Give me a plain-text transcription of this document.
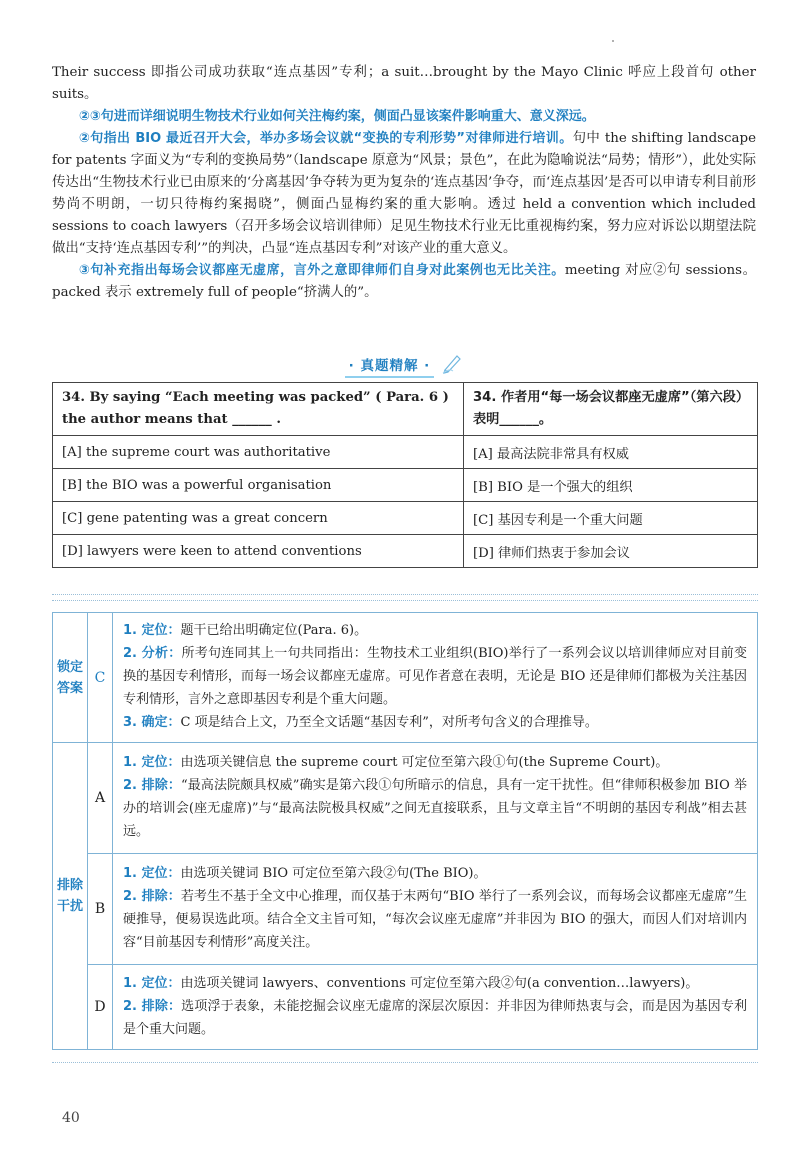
Their success 即指公司成功获取“连点基因”专利；a suit…brought by the Mayo Clinic 呼应上段首句 other suits。

②③句进而详细说明生物技术行业如何关注梅约案，侧面凸显该案件影响重大、意义深远。

②句指出 BIO 最近召开大会，举办多场会议就“变换的专利形势”对律师进行培训。句中 the shifting landscape for patents 字面义为“专利的变换局势”（landscape 原意为“风景；景色”，在此为隐喻说法“局势；情形”），此处实际传达出“生物技术行业已由原来的‘分离基因’争夺转为更为复杂的‘连点基因’争夺，而‘连点基因’是否可以申请专利目前形势尚不明朗，一切只待梅约案揭晓”，侧面凸显梅约案的重大影响。透过 held a convention which included sessions to coach lawyers（召开多场会议培训律师）足见生物技术行业无比重视梅约案，努力应对诉讼以期望法院做出“支持‘连点基因专利’”的判决，凸显“连点基因专利”对该产业的重大意义。

③句补充指出每场会议都座无虚席，言外之意即律师们自身对此案例也无比关注。meeting 对应②句 sessions。packed 表示 extremely full of people“挤满人的”。

· 真题精解 ·
34. By saying “Each meeting was packed” ( Para. 6 ) the author means that ______ .	34. 作者用“每一场会议都座无虚席”（第六段）表明______。
[A] the supreme court was authoritative	[A] 最高法院非常具有权威
[B] the BIO was a powerful organisation	[B] BIO 是一个强大的组织
[C] gene patenting was a great concern	[C] 基因专利是一个重大问题
[D] lawyers were keen to attend conventions	[D] 律师们热衷于参加会议
锁定答案	C	1. 定位：题干已给出明确定位(Para. 6)。

2. 分析：所考句连同其上一句共同指出：生物技术工业组织(BIO)举行了一系列会议以培训律师应对目前变换的基因专利情形，而每一场会议都座无虚席。可见作者意在表明，无论是 BIO 还是律师们都极为关注基因专利情形，言外之意即基因专利是个重大问题。

3. 确定：C 项是结合上文，乃至全文话题“基因专利”，对所考句含义的合理推导。

排除干扰	A	1. 定位：由选项关键信息 the supreme court 可定位至第六段①句(the Supreme Court)。

2. 排除：“最高法院颇具权威”确实是第六段①句所暗示的信息，具有一定干扰性。但“律师积极参加 BIO 举办的培训会(座无虚席)”与“最高法院极具权威”之间无直接联系，且与文章主旨“不明朗的基因专利战”相去甚远。

	B	1. 定位：由选项关键词 BIO 可定位至第六段②句(The BIO)。

2. 排除：若考生不基于全文中心推理，而仅基于末两句“BIO 举行了一系列会议，而每场会议都座无虚席”生硬推导，便易误选此项。结合全文主旨可知，“每次会议座无虚席”并非因为 BIO 的强大，而因人们对培训内容“目前基因专利情形”高度关注。

	D	1. 定位：由选项关键词 lawyers、conventions 可定位至第六段②句(a convention…lawyers)。

2. 排除：选项浮于表象，未能挖掘会议座无虚席的深层次原因：并非因为律师热衷与会，而是因为基因专利是个重大问题。

40
